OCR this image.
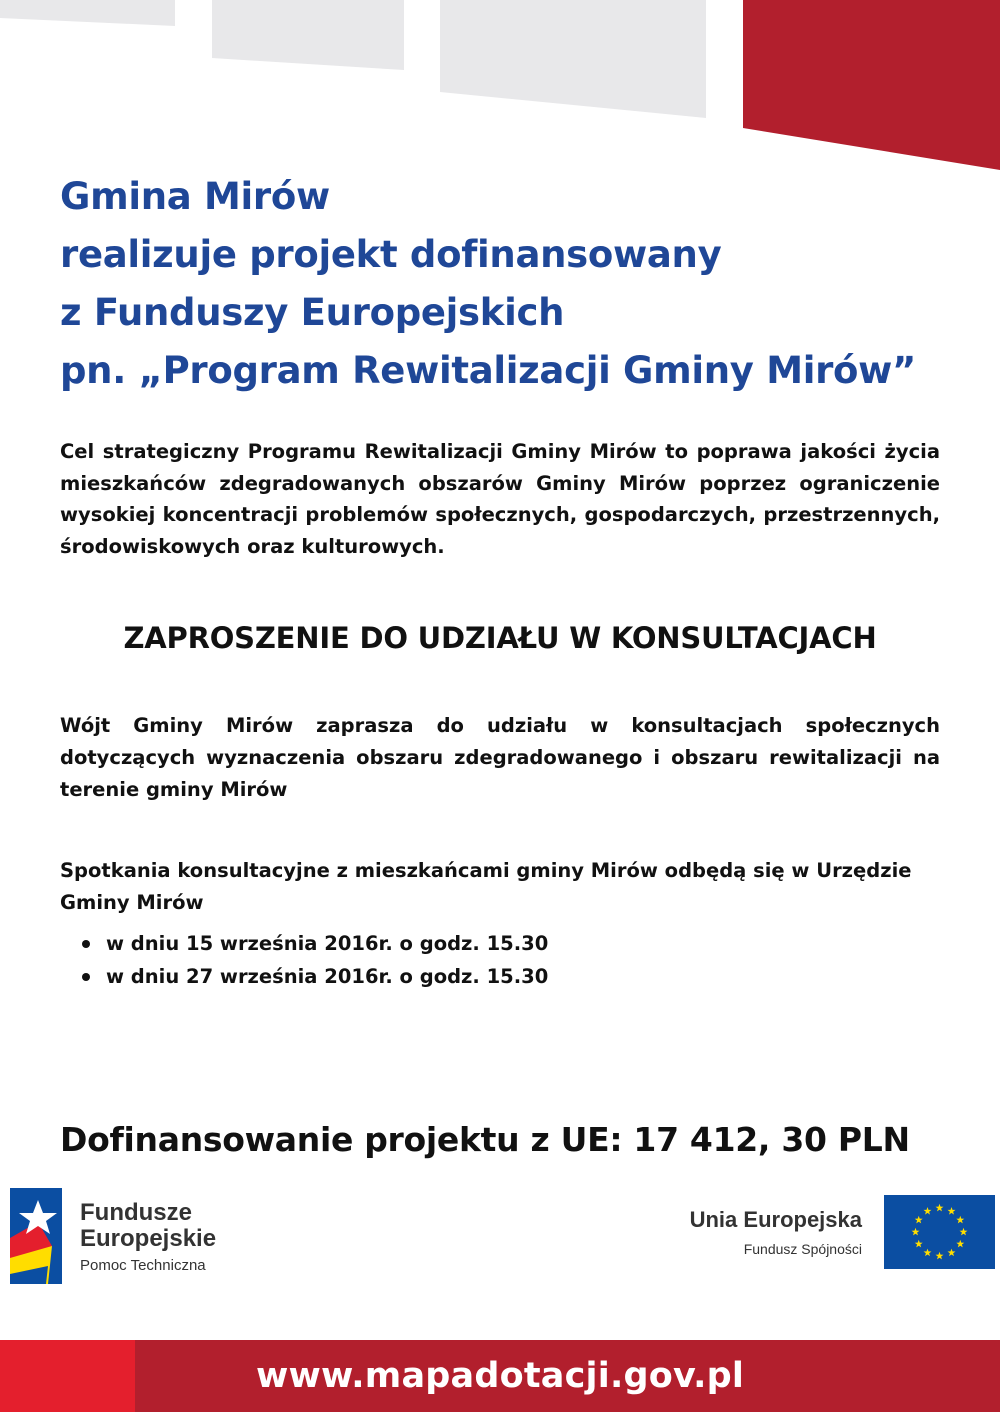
Gmina Mirów
realizuje projekt dofinansowany
z Funduszy Europejskich
pn. „Program Rewitalizacji Gminy Mirów”
Cel strategiczny Programu Rewitalizacji Gminy Mirów to poprawa jakości życia mieszkańców zdegradowanych obszarów Gminy Mirów poprzez ograniczenie wysokiej koncentracji problemów społecznych, gospodarczych, przestrzennych, środowiskowych oraz kulturowych.
ZAPROSZENIE DO UDZIAŁU W KONSULTACJACH
Wójt Gminy Mirów zaprasza do udziału w konsultacjach społecznych dotyczących wyznaczenia obszaru zdegradowanego i obszaru rewitalizacji na terenie gminy Mirów
Spotkania konsultacyjne z mieszkańcami gminy Mirów odbędą się w Urzędzie Gminy Mirów
w dniu 15 września 2016r. o godz. 15.30
w dniu 27 września 2016r. o godz. 15.30
Dofinansowanie projektu z UE: 17 412, 30 PLN
Fundusze
Europejskie
Pomoc Techniczna
Unia Europejska
Fundusz Spójności
www.mapadotacji.gov.pl
